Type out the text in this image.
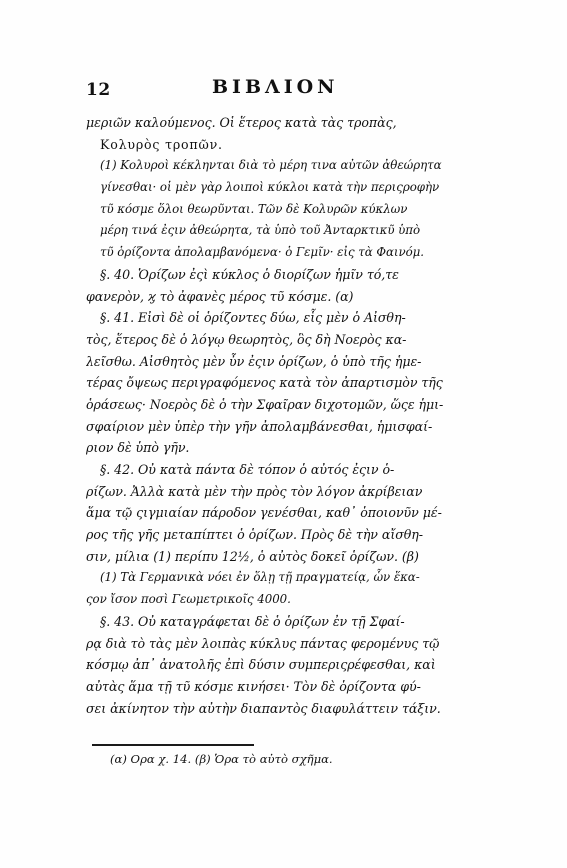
12	ΒΙΒΛΙΟΝ
μεριῶν καλούμενος. Οἱ ἕτερος κατὰ τὰς τροπὰς,
Κολυρὸς τροπῶν.
(1) Κολυροὶ κέκληνται διὰ τὸ μέρη τινα αὐτῶν ἀθεώρητα
γίνεσθαι· οἱ μὲν γὰρ λοιποὶ κύκλοι κατὰ τὴν περιςροφὴν
τῦ κόσμε ὅλοι θεωρῦνται. Τῶν δὲ Κολυρῶν κύκλων
μέρη τινά ἐςιν ἀθεώρητα, τὰ ὑπὸ τοῦ Ἀνταρκτικῦ ὑπὸ
τῦ ὁρίζοντα ἀπολαμβανόμενα· ὁ Γεμῖν· εἰς τὰ Φαινόμ.
§. 40. Ὁρίζων ἐςὶ κύκλος ὁ διορίζων ἡμῖν τό,τε
φανερὸν, ϗ τὸ ἀφανὲς μέρος τῦ κόσμε. (α)
§. 41. Εἰσὶ δὲ οἱ ὁρίζοντες δύω, εἷς μὲν ὁ Αἰσθη-
τὸς, ἕτερος δὲ ὁ λόγῳ θεωρητὸς, ὃς δὴ Νοερὸς κα-
λεῖσθω. Αἰσθητὸς μὲν ὖν ἐςιν ὁρίζων, ὁ ὑπὸ τῆς ἡμε-
τέρας ὄψεως περιγραφόμενος κατὰ τὸν ἀπαρτισμὸν τῆς
ὁράσεως· Νοερὸς δὲ ὁ τὴν Σφαῖραν διχοτομῶν, ὥςε ἡμι-
σφαίριον μὲν ὑπὲρ τὴν γῆν ἀπολαμβάνεσθαι, ἡμισφαί-
ριον δὲ ὑπὸ γῆν.
§. 42. Οὐ κατὰ πάντα δὲ τόπον ὁ αὐτός ἐςιν ὁ-
ρίζων. Ἀλλὰ κατὰ μὲν τὴν πρὸς τὸν λόγον ἀκρίβειαν
ἅμα τῷ ςιγμιαίαν πάροδον γενέσθαι, καθ᾽ ὁποιονῦν μέ-
ρος τῆς γῆς μεταπίπτει ὁ ὁρίζων. Πρὸς δὲ τὴν αἴσθη-
σιν, μίλια (1) περίπυ 12½, ὁ αὐτὸς δοκεῖ ὁρίζων. (β)
(1) Τὰ Γερμανικὰ νόει ἐν ὅλῃ τῇ πραγματείᾳ, ὧν ἕκα-
ςον ἴσον ποσὶ Γεωμετρικοῖς 4000.
§. 43. Οὐ καταγράφεται δὲ ὁ ὁρίζων ἐν τῇ Σφαί-
ρᾳ διὰ τὸ τὰς μὲν λοιπὰς κύκλυς πάντας φερομένυς τῷ
κόσμῳ ἀπ᾽ ἀνατολῆς ἐπὶ δύσιν συμπεριςρέφεσθαι, καὶ
αὐτὰς ἅμα τῇ τῦ κόσμε κινήσει· Τὸν δὲ ὁρίζοντα φύ-
σει ἀκίνητον τὴν αὐτὴν διαπαντὸς διαφυλάττειν τάξιν.
(α) Ορα χ. 14. (β) Ὁρα τὸ αὐτὸ σχῆμα.
